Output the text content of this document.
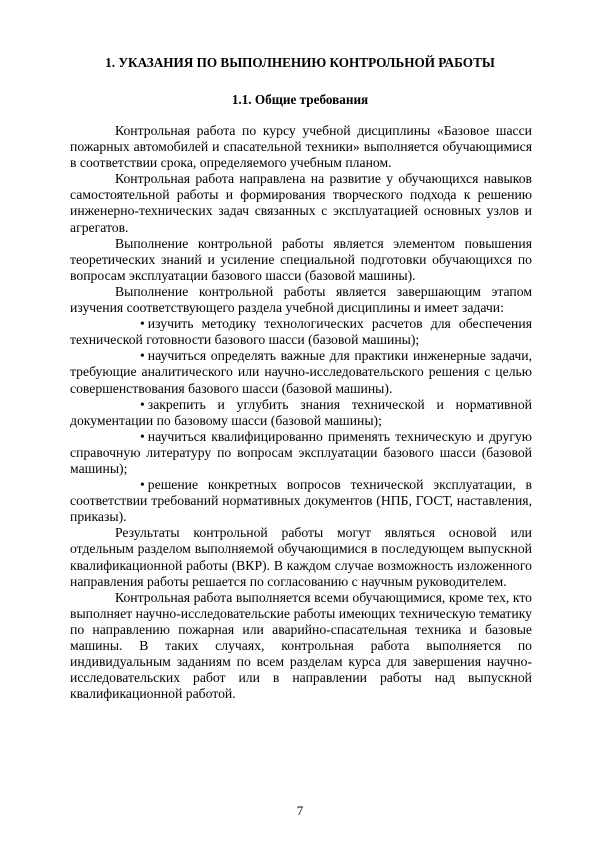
1. УКАЗАНИЯ ПО ВЫПОЛНЕНИЮ КОНТРОЛЬНОЙ РАБОТЫ
1.1. Общие требования

Контрольная работа по курсу учебной дисциплины «Базовое шасси пожарных автомобилей и спасательной техники» выполняется обучающимися в соответствии срока, определяемого учебным планом.

Контрольная работа направлена на развитие у обучающихся навыков самостоятельной работы и формирования творческого подхода к решению инженерно-технических задач связанных с эксплуатацией основных узлов и агрегатов.

Выполнение контрольной работы является элементом повышения теоретических знаний и усиление специальной подготовки обучающихся по вопросам эксплуатации базового шасси (базовой машины).

Выполнение контрольной работы является завершающим этапом изучения соответствующего раздела учебной дисциплины и имеет задачи:

• изучить методику технологических расчетов для обеспечения технической готовности базового шасси (базовой машины);

• научиться определять важные для практики инженерные задачи, требующие аналитического или научно-исследовательского решения с целью совершенствования базового шасси (базовой машины).

• закрепить и углубить знания технической и нормативной документации по базовому шасси (базовой машины);

• научиться квалифицированно применять техническую и другую справочную литературу по вопросам эксплуатации базового шасси (базовой машины);

• решение конкретных вопросов технической эксплуатации, в соответствии требований нормативных документов (НПБ, ГОСТ, наставления, приказы).

Результаты контрольной работы могут являться основой или отдельным разделом выполняемой обучающимися в последующем выпускной квалификационной работы (ВКР). В каждом случае возможность изложенного направления работы решается по согласованию с научным руководителем.

Контрольная работа выполняется всеми обучающимися, кроме тех, кто выполняет научно-исследовательские работы имеющих техническую тематику по направлению пожарная или аварийно-спасательная техника и базовые машины. В таких случаях, контрольная работа выполняется по индивидуальным заданиям по всем разделам курса для завершения научно-исследовательских работ или в направлении работы над выпускной квалификационной работой.

7
